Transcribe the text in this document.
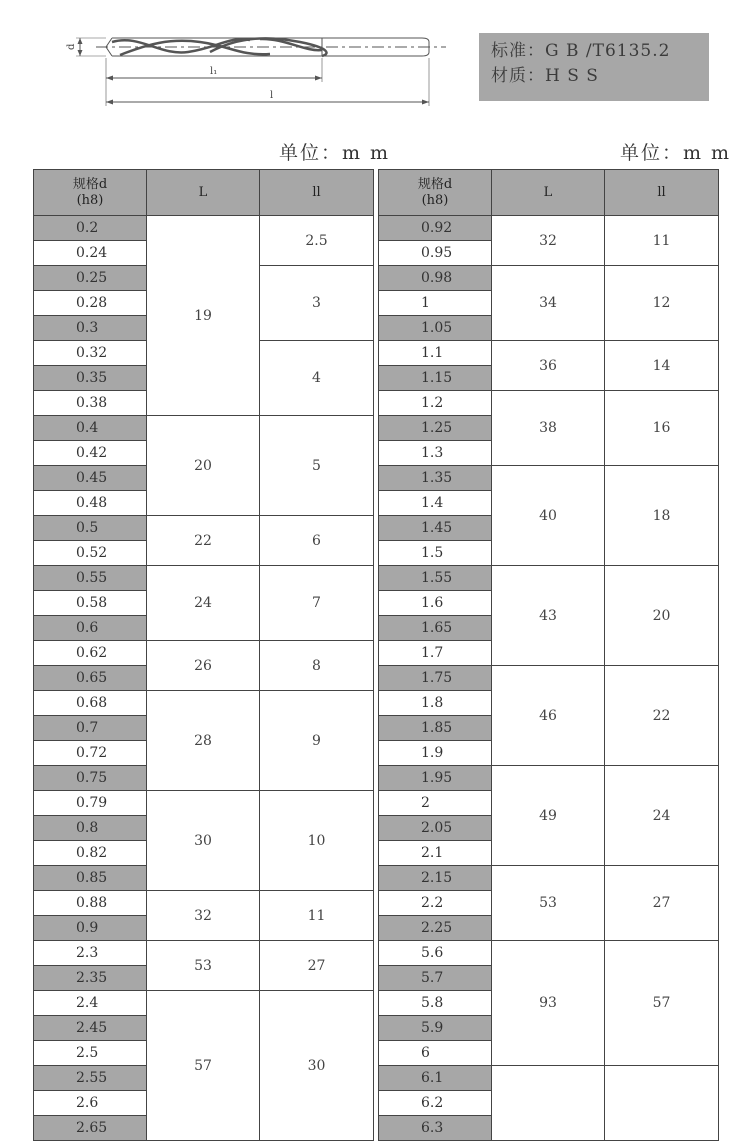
d
l₁
l
标准：G B /T6135.2
材质：H S S
单位：m m	单位：m m
规格d
(h8)	L	ll
0.2	19	2.5
0.24		
0.25		3
0.28		
0.3		
0.32		4
0.35		
0.38		
0.4	20	5
0.42		
0.45		
0.48		
0.5	22	6
0.52		
0.55	24	7
0.58		
0.6		
0.62	26	8
0.65		
0.68	28	9
0.7		
0.72		
0.75		
0.79	30	10
0.8		
0.82		
0.85		
0.88	32	11
0.9		
2.3	53	27
2.35		
2.4	57	30
2.45		
2.5		
2.55		
2.6		
2.65		
规格d
(h8)	L	ll
0.92	32	11
0.95		
0.98	34	12
1		
1.05		
1.1	36	14
1.15		
1.2	38	16
1.25		
1.3		
1.35	40	18
1.4		
1.45		
1.5		
1.55	43	20
1.6		
1.65		
1.7		
1.75	46	22
1.8		
1.85		
1.9		
1.95	49	24
2		
2.05		
2.1		
2.15	53	27
2.2		
2.25		
5.6	93	57
5.7		
5.8		
5.9		
6		
6.1		
6.2		
6.3		
